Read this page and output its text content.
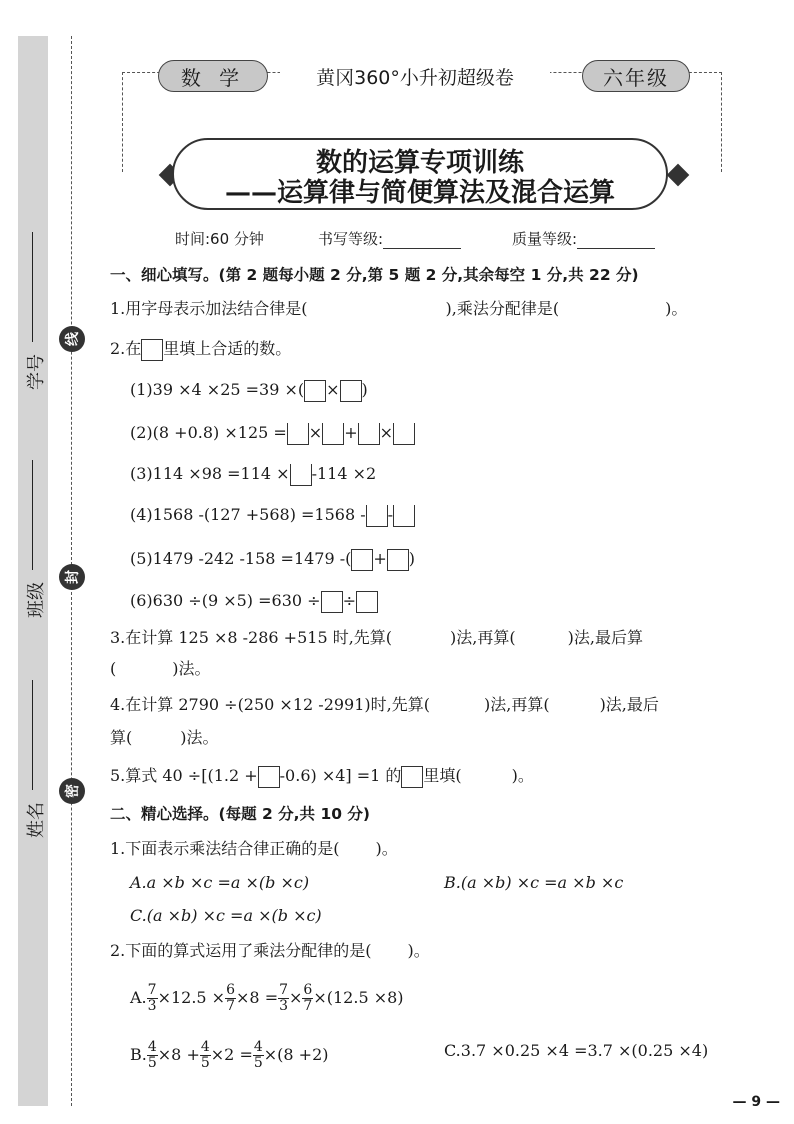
学号
班级
姓名
线
封
密
数 学	黄冈360°小升初超级卷	六年级
数的运算专项训练
——运算律与简便算法及混合运算
时间:60 分钟	书写等级:	质量等级:
一、细心填写。(第 2 题每小题 2 分,第 5 题 2 分,其余每空 1 分,共 22 分)
1.用字母表示加法结合律是(	),乘法分配律是(	)。
2.在 里填上合适的数。
(1)39 ×4 ×25 =39 ×( × )
(2)(8 +0.8) ×125 = × + ×
(3)114 ×98 =114 × -114 ×2
(4)1568 -(127 +568) =1568 - -
(5)1479 -242 -158 =1479 -( + )
(6)630 ÷(9 ×5) =630 ÷ ÷
3.在计算 125 ×8 -286 +515 时,先算(	)法,再算(	)法,最后算
(	)法。
4.在计算 2790 ÷(250 ×12 -2991)时,先算(	)法,再算(	)法,最后
算(	)法。
5.算式 40 ÷[(1.2 + -0.6) ×4] =1 的 里填(	)。
二、精心选择。(每题 2 分,共 10 分)
1.下面表示乘法结合律正确的是( )。
A.a ×b ×c =a ×(b ×c)	B.(a ×b) ×c =a ×b ×c
C.(a ×b) ×c =a ×(b ×c)
2.下面的算式运用了乘法分配律的是( )。
A. $\frac{7}{3} \times 12.5 \times \frac{6}{7} \times 8 = \frac{7}{3} \times \frac{6}{7} \times(12.5 \times 8)$
B. $\frac{4}{5} \times 8 + \frac{4}{5} \times 2 = \frac{4}{5} \times(8 +2)$	C.3.7 ×0.25 ×4 =3.7 ×(0.25 ×4)
— 9 —
